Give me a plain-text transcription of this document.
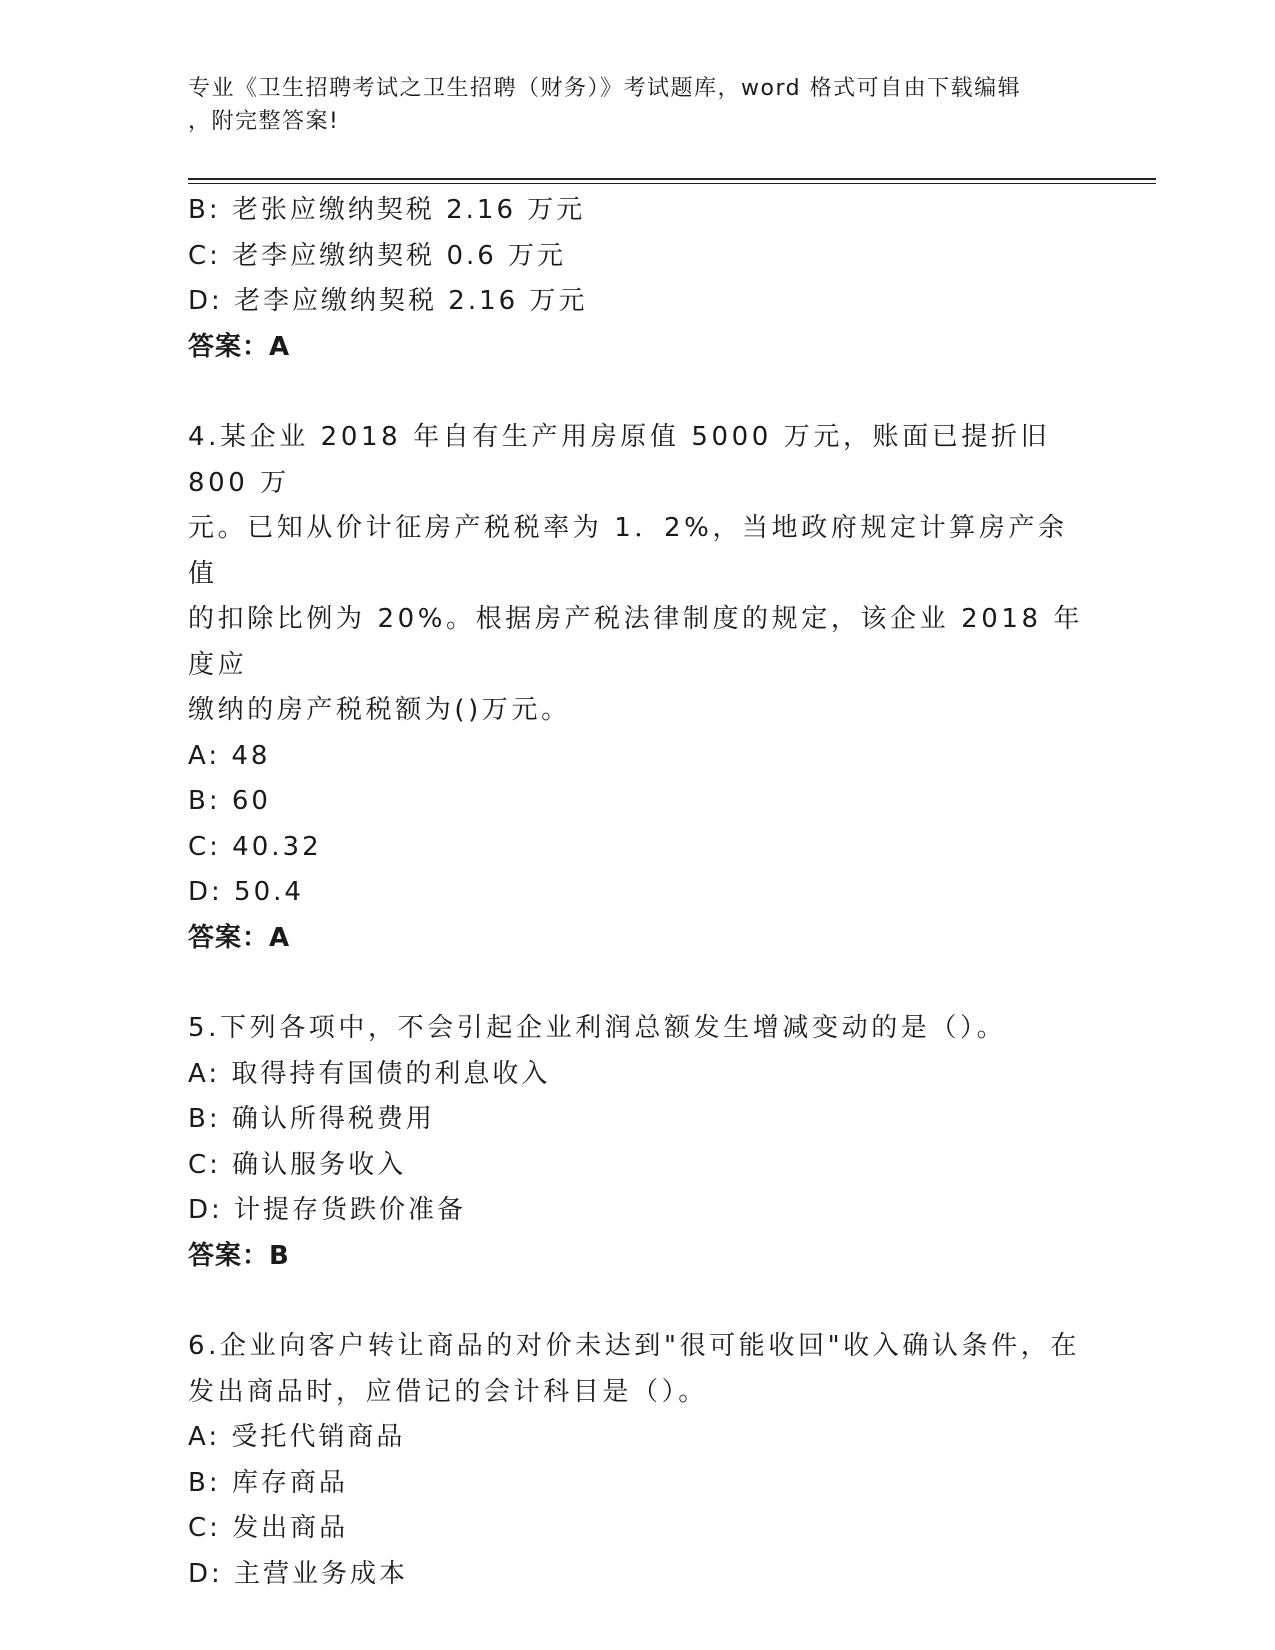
专业《卫生招聘考试之卫生招聘（财务）》考试题库，word 格式可自由下载编辑
，附完整答案!
B: 老张应缴纳契税 2.16 万元
C: 老李应缴纳契税 0.6 万元
D: 老李应缴纳契税 2.16 万元
答案：A
4.某企业 2018 年自有生产用房原值 5000 万元，账面已提折旧 800 万
元。已知从价计征房产税税率为 1．2%，当地政府规定计算房产余值
的扣除比例为 20%。根据房产税法律制度的规定，该企业 2018 年度应
缴纳的房产税税额为()万元。
A: 48
B: 60
C: 40.32
D: 50.4
答案：A
5.下列各项中，不会引起企业利润总额发生增减变动的是（）。
A: 取得持有国债的利息收入
B: 确认所得税费用
C: 确认服务收入
D: 计提存货跌价准备
答案：B
6.企业向客户转让商品的对价未达到"很可能收回"收入确认条件，在
发出商品时，应借记的会计科目是（）。
A: 受托代销商品
B: 库存商品
C: 发出商品
D: 主营业务成本
